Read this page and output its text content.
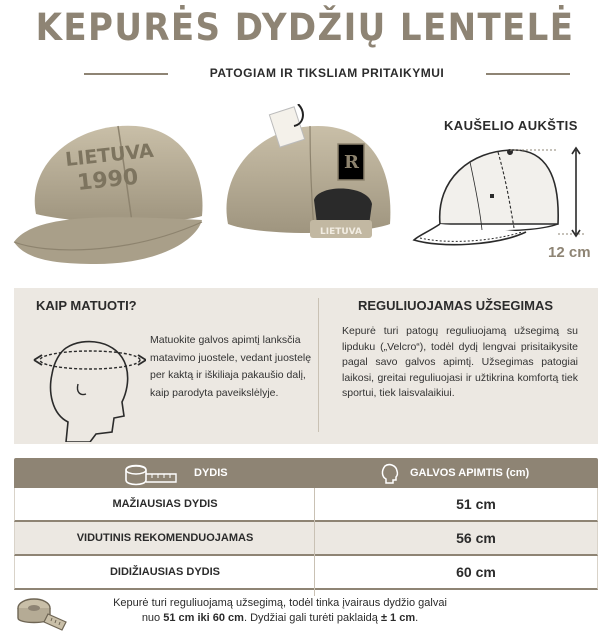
KEPURĖS DYDŽIŲ LENTELĖ
PATOGIAM IR TIKSLIAM PRITAIKYMUI
LIETUVA
1990
LIETUVA
R
KAUŠELIO AUKŠTIS
12 cm
KAIP MATUOTI?
Matuokite galvos apimtį lanksčia matavimo juostele, vedant juostelę per kaktą ir iškiliaja pakaušio dalį, kaip parodyta paveikslėlyje.
REGULIUOJAMAS UŽSEGIMAS
Kepurė turi patogų reguliuojamą užsegimą su lipduku („Velcro“), todėl dydį lengvai prisitaikysite pagal savo galvos apimtį. Užsegimas patogiai laikosi, greitai reguliuojasi ir užtikrina komfortą tiek sportui, tiek laisvalaikiui.
DYDIS	GALVOS APIMTIS (cm)
MAŽIAUSIAS DYDIS	51 cm
VIDUTINIS REKOMENDUOJAMAS	56 cm
DIDIŽIAUSIAS DYDIS	60 cm
Kepurė turi reguliuojamą užsegimą, todėl tinka įvairaus dydžio galvai
nuo 51 cm iki 60 cm. Dydžiai gali turėti paklaidą ± 1 cm.
